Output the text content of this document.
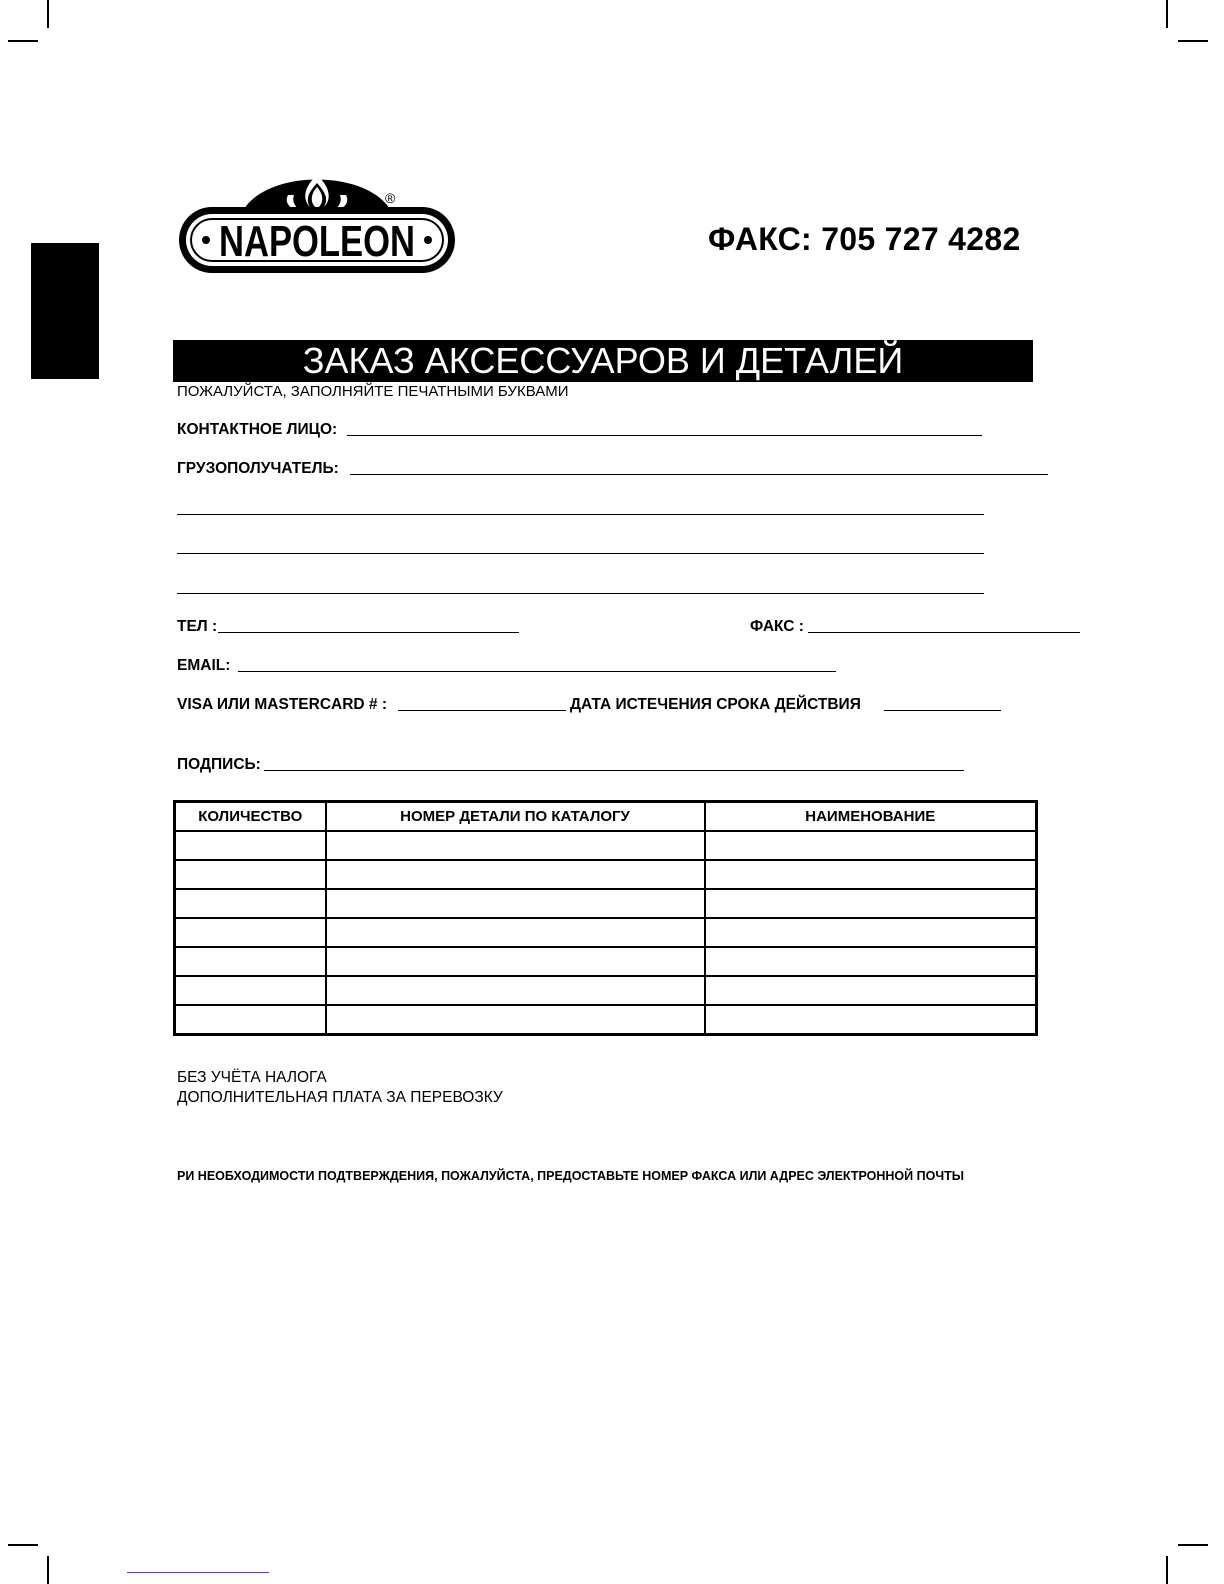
NAPOLEON
®
ФАКС: 705 727 4282
ЗАКАЗ АКСЕССУАРОВ И ДЕТАЛЕЙ
ПОЖАЛУЙСТА, ЗАПОЛНЯЙТЕ ПЕЧАТНЫМИ БУКВАМИ
КОНТАКТНОЕ ЛИЦО:
ГРУЗОПОЛУЧАТЕЛЬ:
ТЕЛ :	ФАКС :
EMAIL:
VISA ИЛИ MASTERCARD # :	ДАТА ИСТЕЧЕНИЯ СРОКА ДЕЙСТВИЯ
ПОДПИСЬ:
КОЛИЧЕСТВО	НОМЕР ДЕТАЛИ ПО КАТАЛОГУ	НАИМЕНОВАНИЕ

БЕЗ УЧЁТА НАЛОГА
ДОПОЛНИТЕЛЬНАЯ ПЛАТА ЗА ПЕРЕВОЗКУ
РИ НЕОБХОДИМОСТИ ПОДТВЕРЖДЕНИЯ, ПОЖАЛУЙСТА, ПРЕДОСТАВЬТЕ НОМЕР ФАКСА ИЛИ АДРЕС ЭЛЕКТРОННОЙ ПОЧТЫ
